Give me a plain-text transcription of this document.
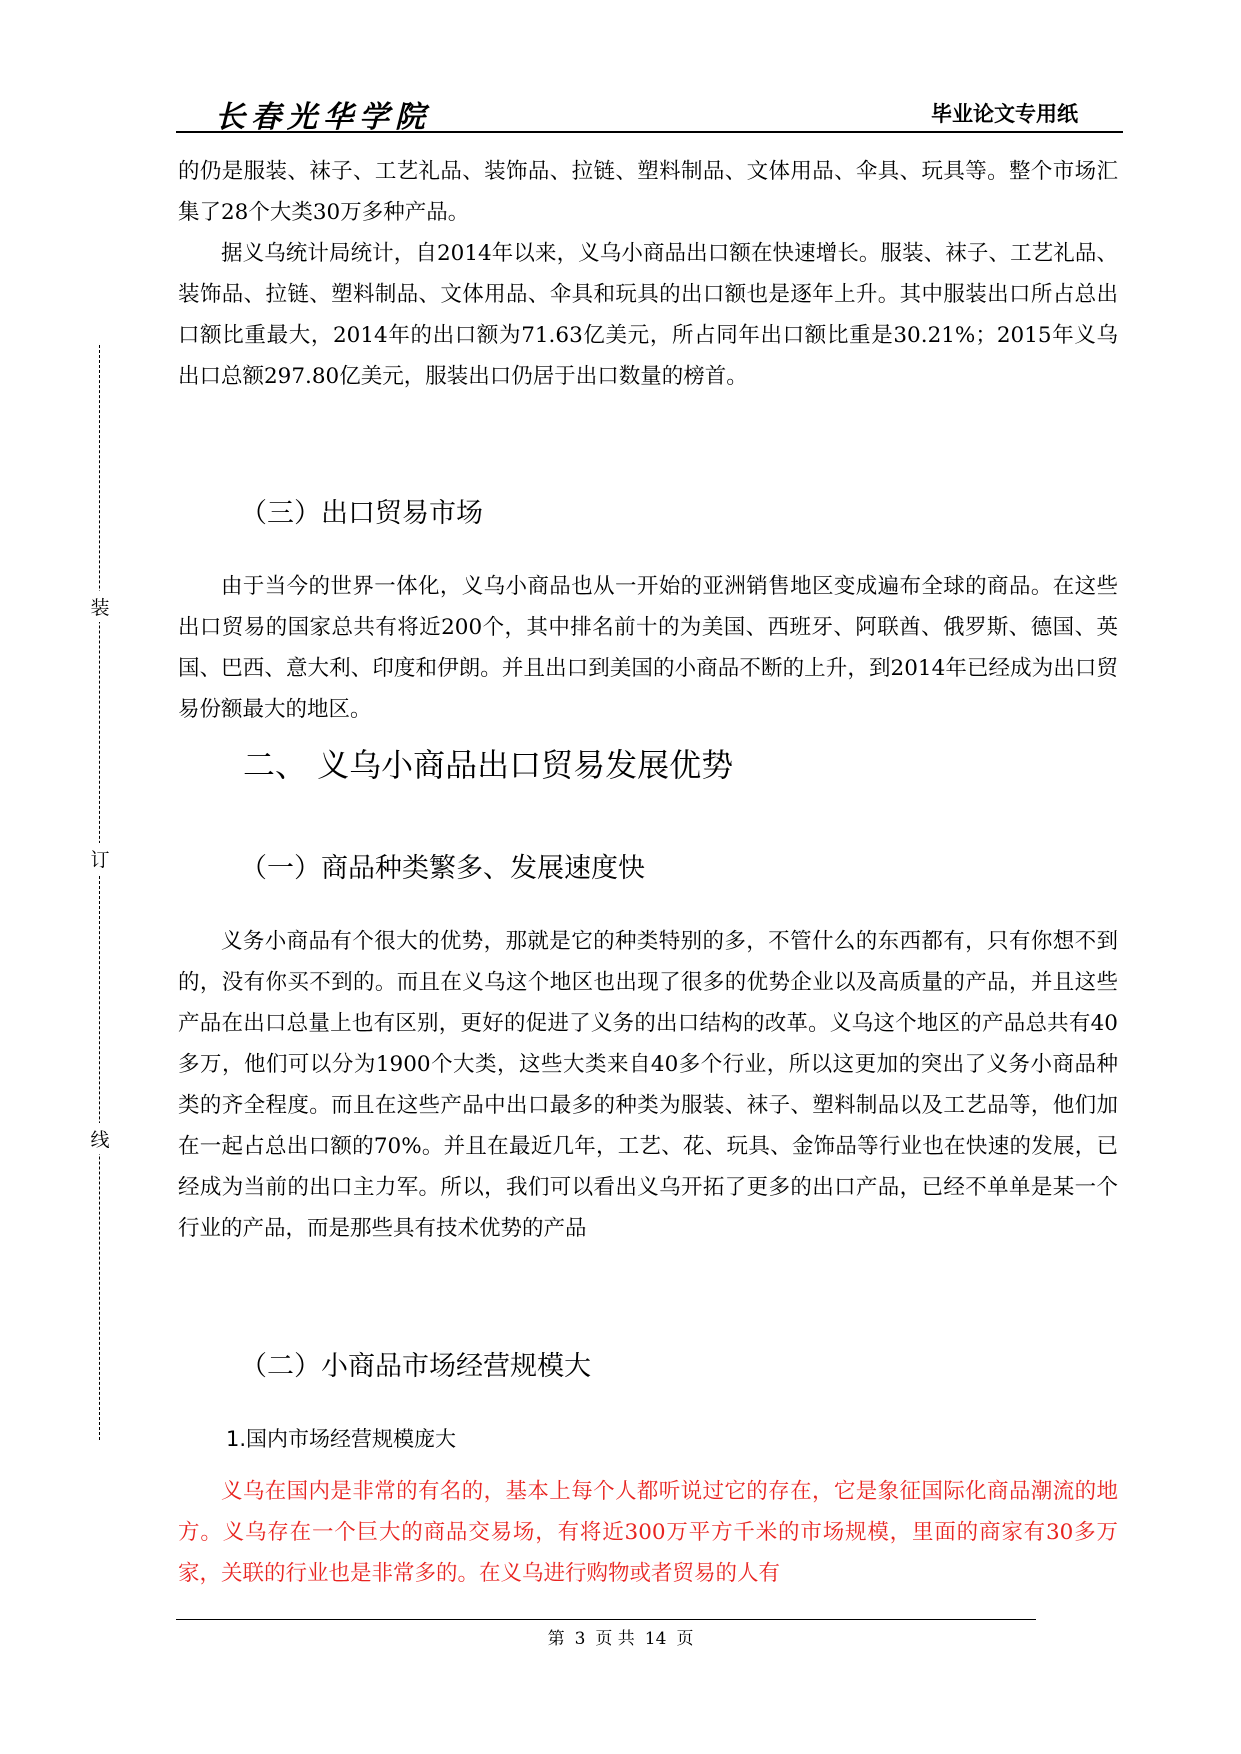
长春光华学院	毕业论文专用纸
装
订
线

的仍是服装、袜子、工艺礼品、装饰品、拉链、塑料制品、文体用品、伞具、玩具等。整个市场汇集了28个大类30万多种产品。

据义乌统计局统计，自2014年以来，义乌小商品出口额在快速增长。服装、袜子、工艺礼品、装饰品、拉链、塑料制品、文体用品、伞具和玩具的出口额也是逐年上升。其中服装出口所占总出口额比重最大，2014年的出口额为71.63亿美元，所占同年出口额比重是30.21%；2015年义乌出口总额297.80亿美元，服装出口仍居于出口数量的榜首。

（三）出口贸易市场

由于当今的世界一体化，义乌小商品也从一开始的亚洲销售地区变成遍布全球的商品。在这些出口贸易的国家总共有将近200个，其中排名前十的为美国、西班牙、阿联酋、俄罗斯、德国、英国、巴西、意大利、印度和伊朗。并且出口到美国的小商品不断的上升，到2014年已经成为出口贸易份额最大的地区。

二、 义乌小商品出口贸易发展优势
（一）商品种类繁多、发展速度快

义务小商品有个很大的优势，那就是它的种类特别的多，不管什么的东西都有，只有你想不到的，没有你买不到的。而且在义乌这个地区也出现了很多的优势企业以及高质量的产品，并且这些产品在出口总量上也有区别，更好的促进了义务的出口结构的改革。义乌这个地区的产品总共有40多万，他们可以分为1900个大类，这些大类来自40多个行业，所以这更加的突出了义务小商品种类的齐全程度。而且在这些产品中出口最多的种类为服装、袜子、塑料制品以及工艺品等，他们加在一起占总出口额的70%。并且在最近几年，工艺、花、玩具、金饰品等行业也在快速的发展，已经成为当前的出口主力军。所以，我们可以看出义乌开拓了更多的出口产品，已经不单单是某一个行业的产品，而是那些具有技术优势的产品

（二）小商品市场经营规模大
1.国内市场经营规模庞大

义乌在国内是非常的有名的，基本上每个人都听说过它的存在，它是象征国际化商品潮流的地方。义乌存在一个巨大的商品交易场，有将近300万平方千米的市场规模，里面的商家有30多万家，关联的行业也是非常多的。在义乌进行购物或者贸易的人有

第 3 页 共 14 页
